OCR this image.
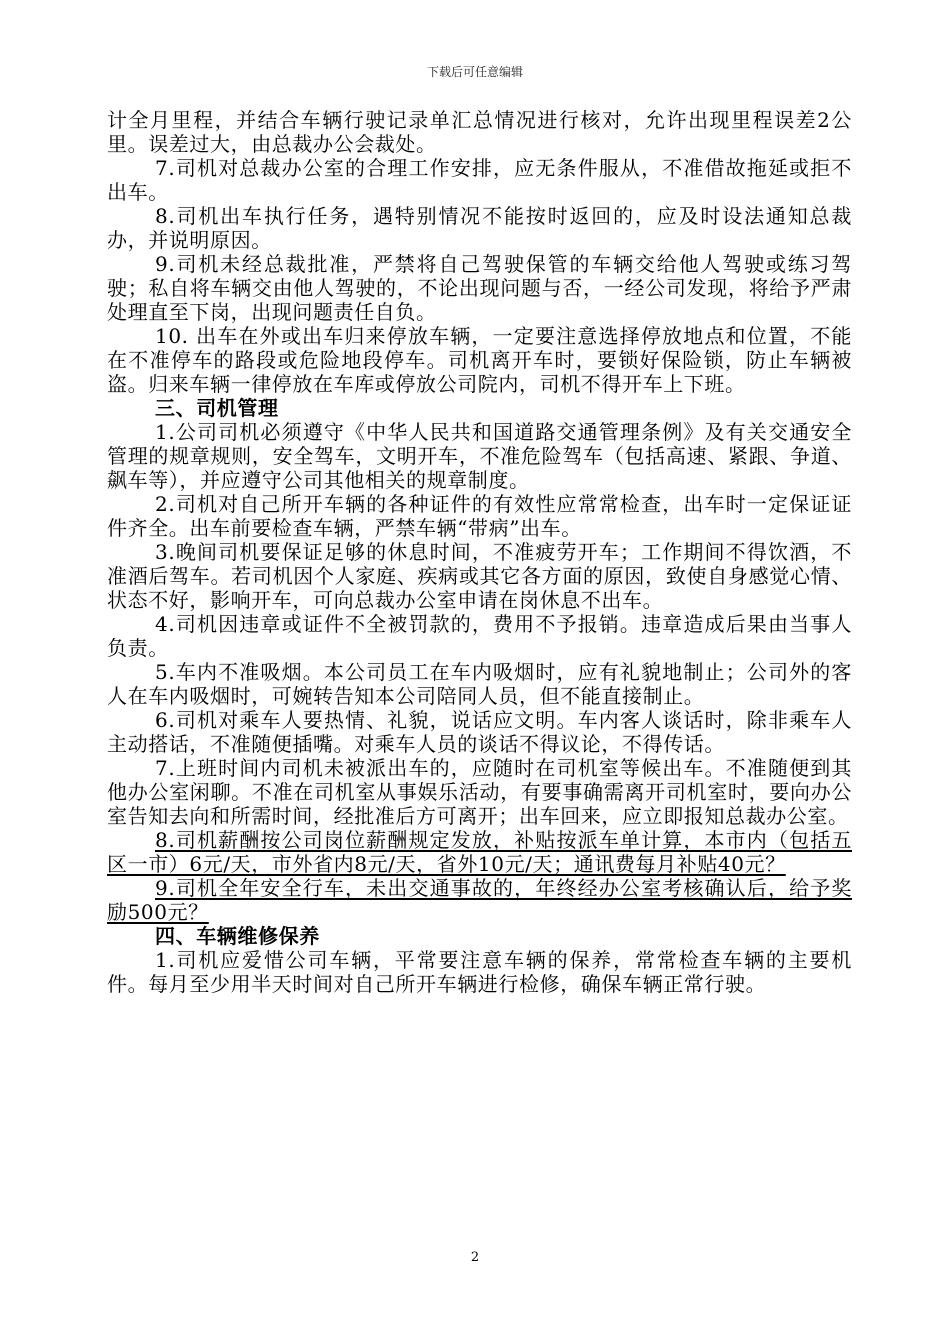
下载后可任意编辑

计全月里程，并结合车辆行驶记录单汇总情况进行核对，允许出现里程误差2公里。误差过大，由总裁办公会裁处。

7.司机对总裁办公室的合理工作安排，应无条件服从，不准借故拖延或拒不出车。

8.司机出车执行任务，遇特别情况不能按时返回的，应及时设法通知总裁办，并说明原因。

9.司机未经总裁批准，严禁将自己驾驶保管的车辆交给他人驾驶或练习驾驶；私自将车辆交由他人驾驶的，不论出现问题与否，一经公司发现，将给予严肃处理直至下岗，出现问题责任自负。

10. 出车在外或出车归来停放车辆，一定要注意选择停放地点和位置，不能在不准停车的路段或危险地段停车。司机离开车时，要锁好保险锁，防止车辆被盗。归来车辆一律停放在车库或停放公司院内，司机不得开车上下班。

三、司机管理

1.公司司机必须遵守《中华人民共和国道路交通管理条例》及有关交通安全管理的规章规则，安全驾车，文明开车，不准危险驾车（包括高速、紧跟、争道、飙车等），并应遵守公司其他相关的规章制度。

2.司机对自己所开车辆的各种证件的有效性应常常检查，出车时一定保证证件齐全。出车前要检查车辆，严禁车辆“带病”出车。

3.晚间司机要保证足够的休息时间，不准疲劳开车；工作期间不得饮酒，不准酒后驾车。若司机因个人家庭、疾病或其它各方面的原因，致使自身感觉心情、状态不好，影响开车，可向总裁办公室申请在岗休息不出车。

4.司机因违章或证件不全被罚款的，费用不予报销。违章造成后果由当事人负责。

5.车内不准吸烟。本公司员工在车内吸烟时，应有礼貌地制止；公司外的客人在车内吸烟时，可婉转告知本公司陪同人员，但不能直接制止。

6.司机对乘车人要热情、礼貌，说话应文明。车内客人谈话时，除非乘车人主动搭话，不准随便插嘴。对乘车人员的谈话不得议论，不得传话。

7.上班时间内司机未被派出车的，应随时在司机室等候出车。不准随便到其他办公室闲聊。不准在司机室从事娱乐活动，有要事确需离开司机室时，要向办公室告知去向和所需时间，经批准后方可离开；出车回来，应立即报知总裁办公室。

8.司机薪酬按公司岗位薪酬规定发放，补贴按派车单计算，本市内（包括五区一市）6元/天，市外省内8元/天，省外10元/天；通讯费每月补贴40元？

9.司机全年安全行车，未出交通事故的，年终经办公室考核确认后，给予奖励500元？

四、车辆维修保养

1.司机应爱惜公司车辆，平常要注意车辆的保养，常常检查车辆的主要机件。每月至少用半天时间对自己所开车辆进行检修，确保车辆正常行驶。

2
